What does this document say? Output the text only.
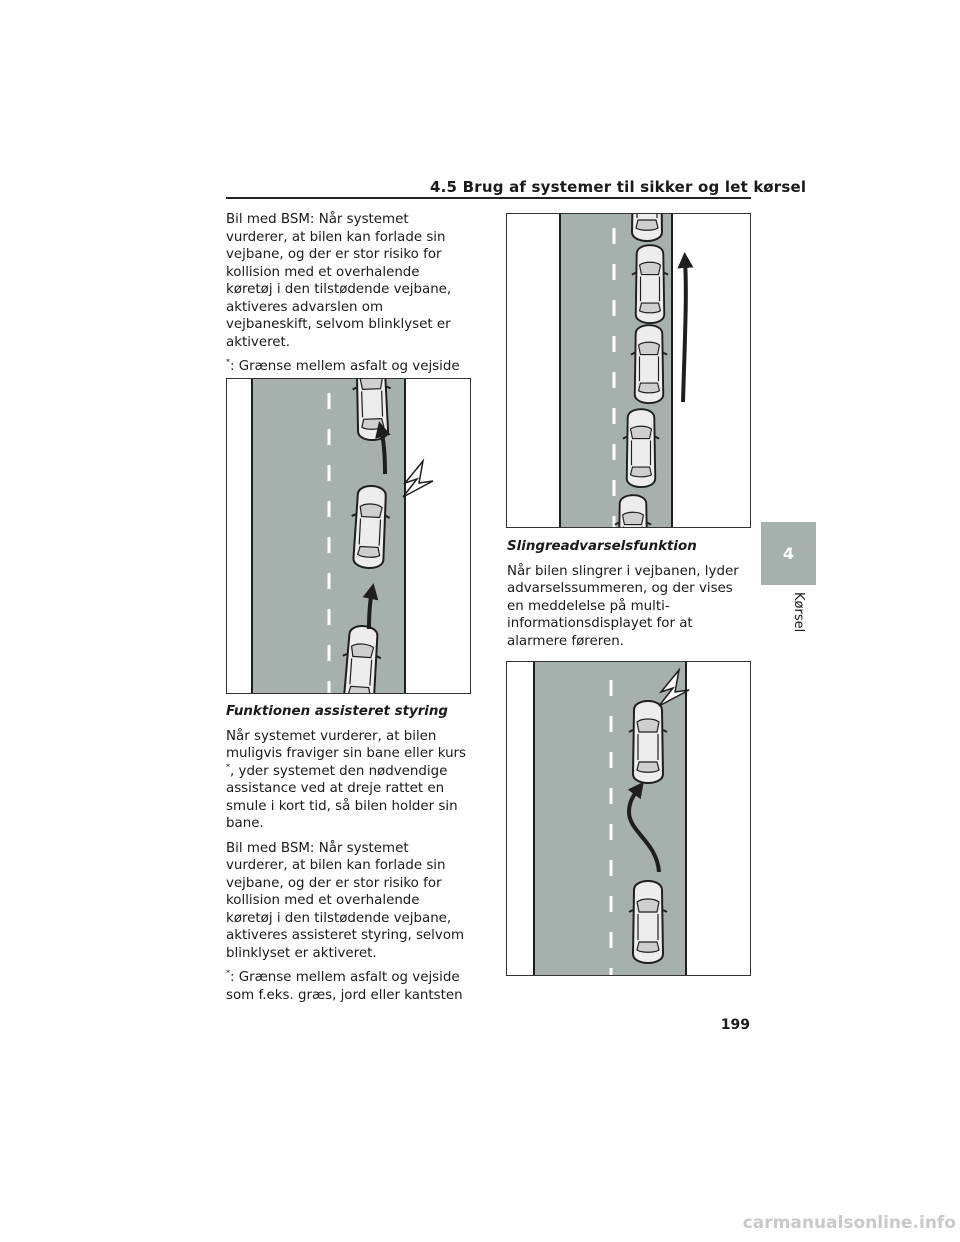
4.5 Brug af systemer til sikker og let kørsel

Bil med BSM: Når systemet vurderer, at bilen kan forlade sin vejbane, og der er stor risiko for kollision med et overhalende køretøj i den tilstødende vejbane, aktiveres advarslen om vejbaneskift, selvom blinklyset er aktiveret.

*: Grænse mellem asfalt og vejside

Funktionen assisteret styring

Når systemet vurderer, at bilen muligvis fraviger sin bane eller kurs *, yder systemet den nødvendige assistance ved at dreje rattet en smule i kort tid, så bilen holder sin bane.

Bil med BSM: Når systemet vurderer, at bilen kan forlade sin vejbane, og der er stor risiko for kollision med et overhalende køretøj i den tilstødende vejbane, aktiveres assisteret styring, selvom blinklyset er aktiveret.

*: Grænse mellem asfalt og vejside som f.eks. græs, jord eller kantsten

Slingreadvarselsfunktion

Når bilen slingrer i vejbanen, lyder advarselssummeren, og der vises en meddelelse på multi-informationsdisplayet for at alarmere føreren.

4
Kørsel
199
carmanualsonline.info
